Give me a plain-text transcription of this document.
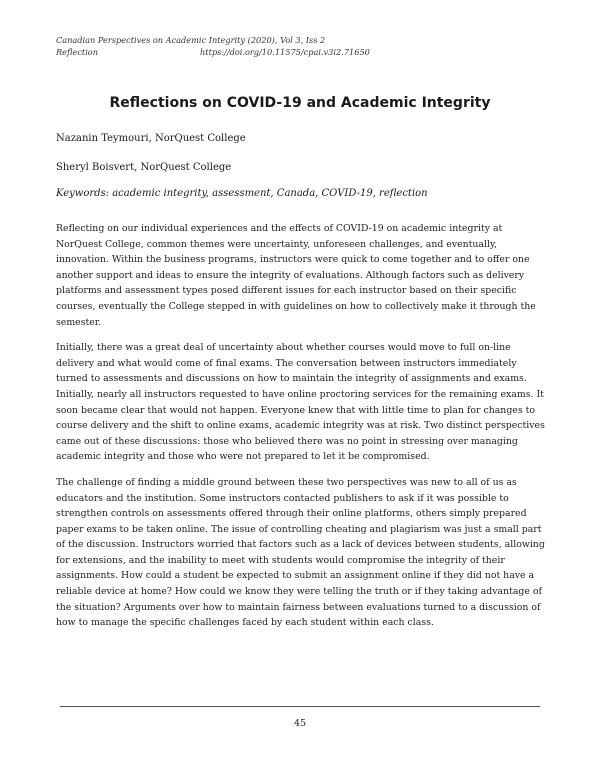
Canadian Perspectives on Academic Integrity (2020), Vol 3, Iss 2
Reflection	https://doi.org/10.11575/cpai.v3i2.71650
Reflections on COVID-19 and Academic Integrity
Nazanin Teymouri, NorQuest College
Sheryl Boisvert, NorQuest College
Keywords: academic integrity, assessment, Canada, COVID-19, reflection

Reflecting on our individual experiences and the effects of COVID-19 on academic integrity at NorQuest College, common themes were uncertainty, unforeseen challenges, and eventually, innovation. Within the business programs, instructors were quick to come together and to offer one another support and ideas to ensure the integrity of evaluations. Although factors such as delivery platforms and assessment types posed different issues for each instructor based on their specific courses, eventually the College stepped in with guidelines on how to collectively make it through the semester.

Initially, there was a great deal of uncertainty about whether courses would move to full on-line delivery and what would come of final exams. The conversation between instructors immediately turned to assessments and discussions on how to maintain the integrity of assignments and exams. Initially, nearly all instructors requested to have online proctoring services for the remaining exams. It soon became clear that would not happen. Everyone knew that with little time to plan for changes to course delivery and the shift to online exams, academic integrity was at risk. Two distinct perspectives came out of these discussions: those who believed there was no point in stressing over managing academic integrity and those who were not prepared to let it be compromised.

The challenge of finding a middle ground between these two perspectives was new to all of us as educators and the institution. Some instructors contacted publishers to ask if it was possible to strengthen controls on assessments offered through their online platforms, others simply prepared paper exams to be taken online. The issue of controlling cheating and plagiarism was just a small part of the discussion. Instructors worried that factors such as a lack of devices between students, allowing for extensions, and the inability to meet with students would compromise the integrity of their assignments. How could a student be expected to submit an assignment online if they did not have a reliable device at home? How could we know they were telling the truth or if they taking advantage of the situation? Arguments over how to maintain fairness between evaluations turned to a discussion of how to manage the specific challenges faced by each student within each class.

45
